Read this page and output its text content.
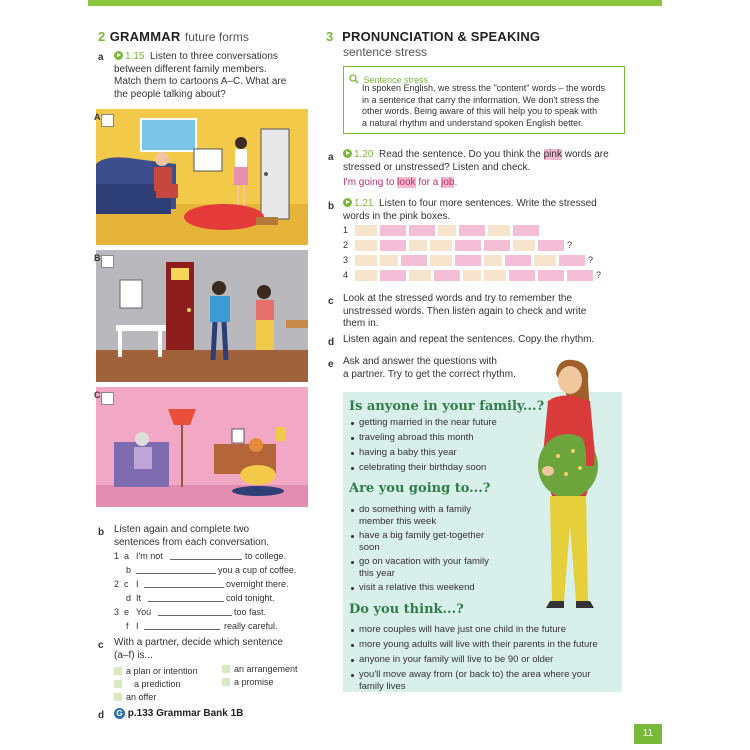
2 GRAMMAR future forms
a	1.15 Listen to three conversations
between different family members.
Match them to cartoons A–C. What are
the people talking about?
A
B
C
b Listen again and complete two
sentences from each conversation.
1 a I'm not	to college.
b	you a cup of coffee.
2 c I	overnight there.
d It	cold tonight.
3 e You	too fast.
f I	really careful.
c With a partner, decide which sentence
(a–f) is...
a plan or intention	an arrangement
a prediction	a promise
an offer
d G p.133 Grammar Bank 1B
3 PRONUNCIATION & SPEAKING
sentence stress
Sentence stress
In spoken English, we stress the "content" words – the words
in a sentence that carry the information. We don't stress the
other words. Being aware of this will help you to speak with
a natural rhythm and understand spoken English better.
a	1.20 Read the sentence. Do you think the pink words are
stressed or unstressed? Listen and check.
I'm going to look for a job.
b	1.21 Listen to four more sentences. Write the stressed
words in the pink boxes.
1
2	?
3	?
4	?
c Look at the stressed words and try to remember the
unstressed words. Then listen again to check and write
them in.
d Listen again and repeat the sentences. Copy the rhythm.
e Ask and answer the questions with
a partner. Try to get the correct rhythm.
Is anyone in your family...?
getting married in the near future
traveling abroad this month
having a baby this year
celebrating their birthday soon
Are you going to...?
do something with a family
member this week
have a big family get-together
soon
go on vacation with your family
this year
visit a relative this weekend
Do you think...?
more couples will have just one child in the future
more young adults will live with their parents in the future
anyone in your family will live to be 90 or older
you'll move away from (or back to) the area where your
family lives
11
